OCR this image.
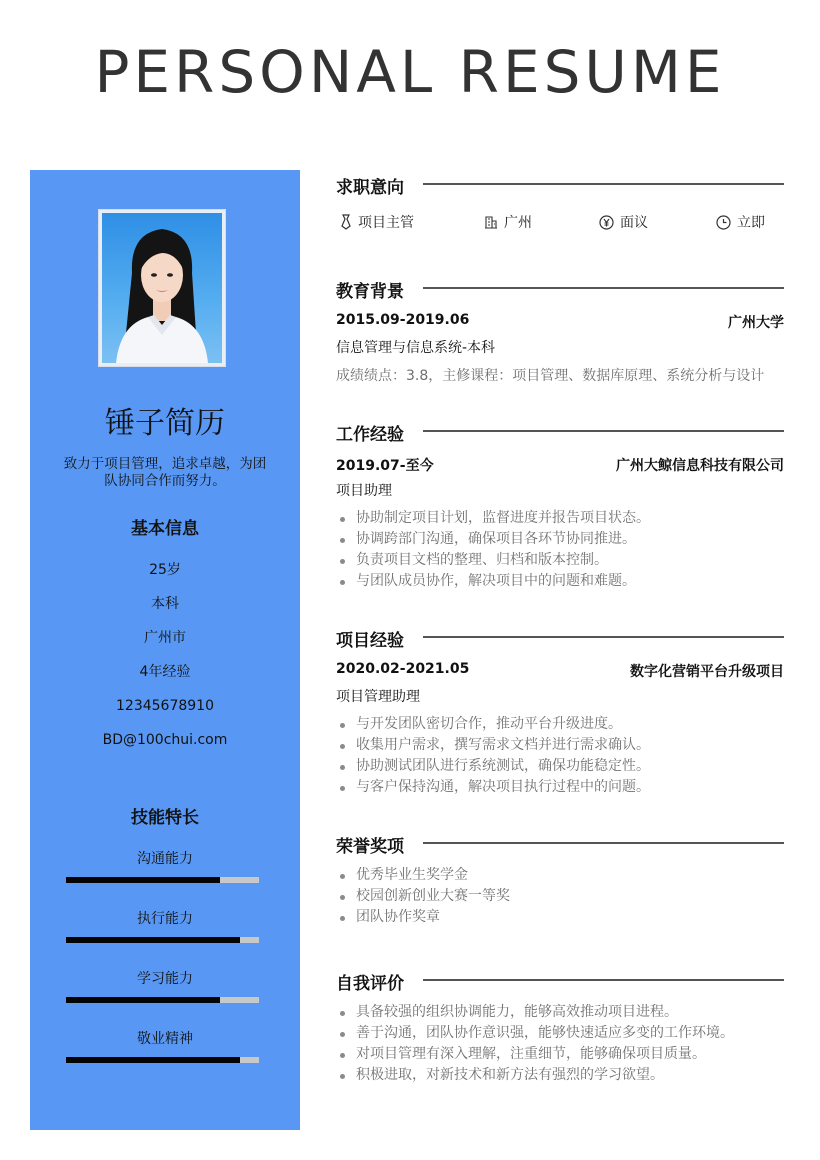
PERSONAL RESUME
锤子简历
致力于项目管理，追求卓越，为团队协同合作而努力。
基本信息
25岁
本科
广州市
4年经验
12345678910
BD@100chui.com
技能特长
沟通能力
执行能力
学习能力
敬业精神
求职意向
项目主管	广州	面议	立即
教育背景
2015.09-2019.06	广州大学
信息管理与信息系统-本科
成绩绩点：3.8，主修课程：项目管理、数据库原理、系统分析与设计
工作经验
2019.07-至今	广州大鲸信息科技有限公司
项目助理
协助制定项目计划，监督进度并报告项目状态。
协调跨部门沟通，确保项目各环节协同推进。
负责项目文档的整理、归档和版本控制。
与团队成员协作，解决项目中的问题和难题。
项目经验
2020.02-2021.05	数字化营销平台升级项目
项目管理助理
与开发团队密切合作，推动平台升级进度。
收集用户需求，撰写需求文档并进行需求确认。
协助测试团队进行系统测试，确保功能稳定性。
与客户保持沟通，解决项目执行过程中的问题。
荣誉奖项
优秀毕业生奖学金
校园创新创业大赛一等奖
团队协作奖章
自我评价
具备较强的组织协调能力，能够高效推动项目进程。
善于沟通，团队协作意识强，能够快速适应多变的工作环境。
对项目管理有深入理解，注重细节，能够确保项目质量。
积极进取，对新技术和新方法有强烈的学习欲望。
